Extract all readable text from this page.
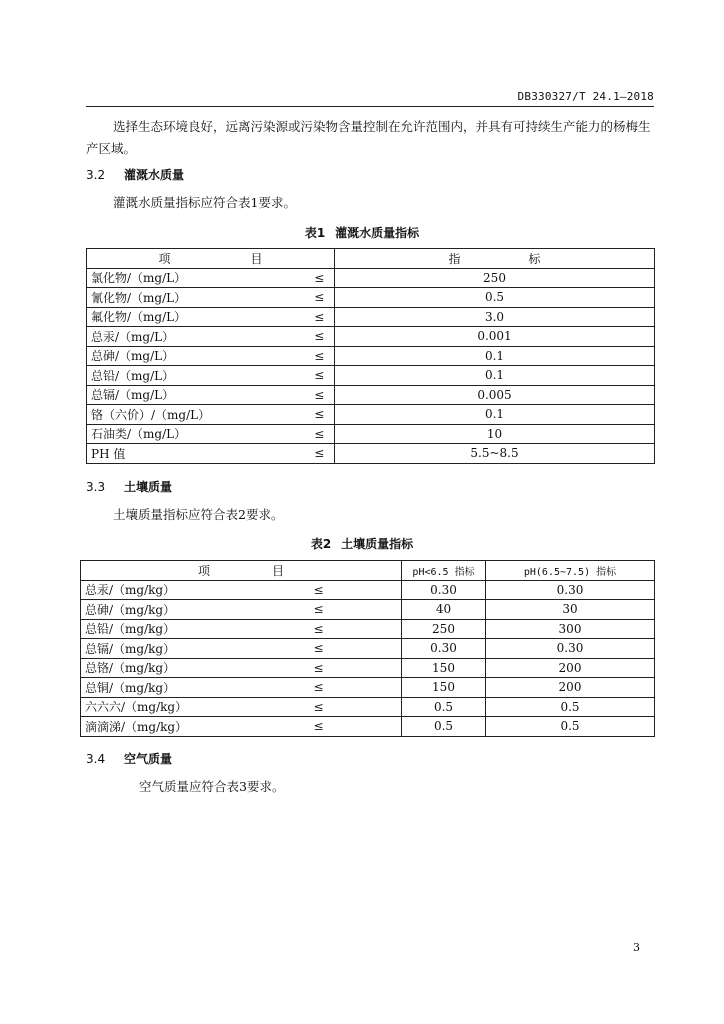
DB330327/T 24.1—2018
选择生态环境良好，远离污染源或污染物含量控制在允许范围内，并具有可持续生产能力的杨梅生产区域。
3.2 灌溉水质量
灌溉水质量指标应符合表1要求。
表1 灌溉水质量指标
项 目		指 标
氯化物/（mg/L）	≤	250
氰化物/（mg/L）	≤	0.5
氟化物/（mg/L）	≤	3.0
总汞/（mg/L）	≤	0.001
总砷/（mg/L）	≤	0.1
总铅/（mg/L）	≤	0.1
总镉/（mg/L）	≤	0.005
铬（六价）/（mg/L）	≤	0.1
石油类/（mg/L）	≤	10
PH 值	≤	5.5~8.5
3.3 土壤质量
土壤质量指标应符合表2要求。
表2 土壤质量指标
项 目		pH<6.5 指标	pH(6.5~7.5) 指标
总汞/（mg/kg）	≤	0.30	0.30
总砷/（mg/kg）	≤	40	30
总铅/（mg/kg）	≤	250	300
总镉/（mg/kg）	≤	0.30	0.30
总铬/（mg/kg）	≤	150	200
总铜/（mg/kg）	≤	150	200
六六六/（mg/kg）	≤	0.5	0.5
滴滴涕/（mg/kg）	≤	0.5	0.5
3.4 空气质量
空气质量应符合表3要求。
3
